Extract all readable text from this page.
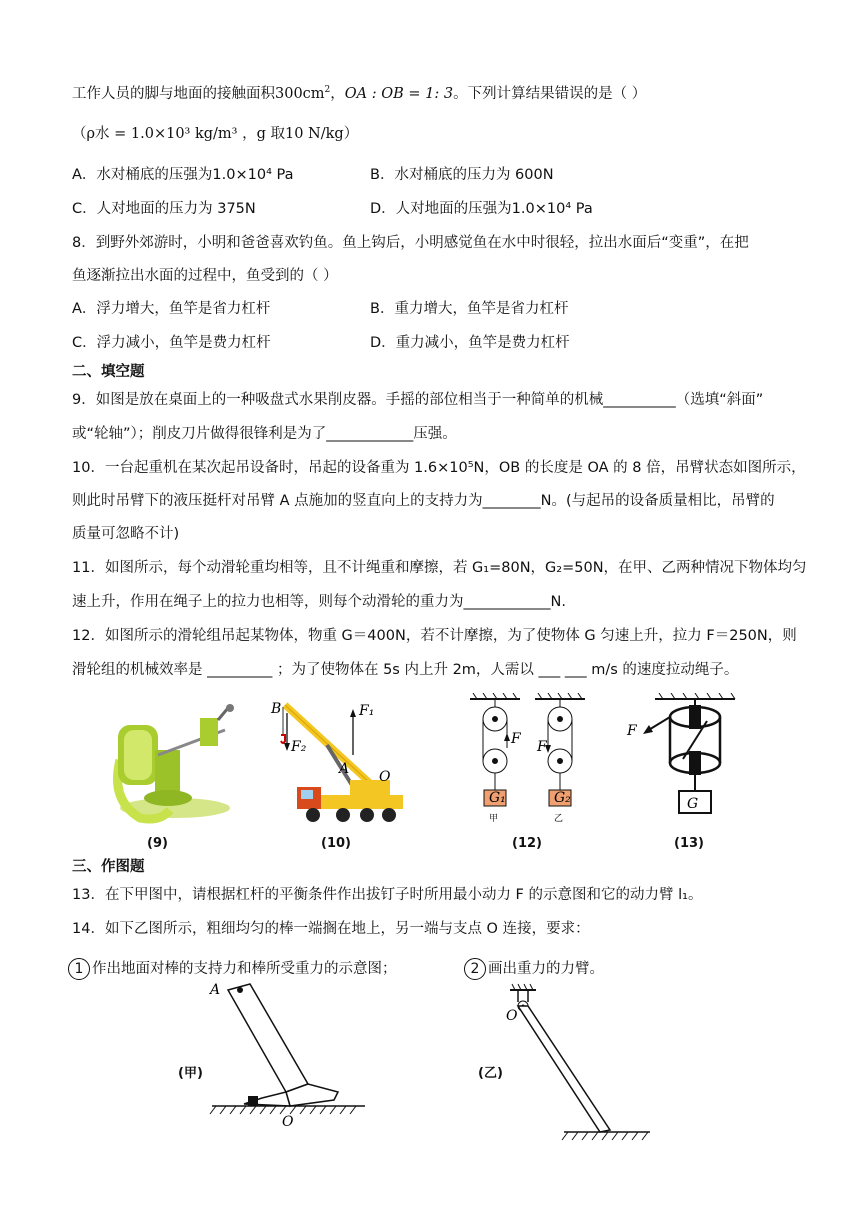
工作人员的脚与地面的接触面积$300cm^2$，OA : OB = 1: 3。下列计算结果错误的是（ ）
（ρ水 = 1.0×10³ kg/m³ ，g 取10 N/kg）
A．水对桶底的压强为1.0×10⁴ Pa	B．水对桶底的压力为 600N
C．人对地面的压力为 375N	D．人对地面的压强为1.0×10⁴ Pa
8．到野外郊游时，小明和爸爸喜欢钓鱼。鱼上钩后，小明感觉鱼在水中时很轻，拉出水面后“变重”，在把
鱼逐渐拉出水面的过程中，鱼受到的（ ）
A．浮力增大，鱼竿是省力杠杆	B．重力增大，鱼竿是省力杠杆
C．浮力减小，鱼竿是费力杠杆	D．重力减小，鱼竿是费力杠杆
二、填空题
9．如图是放在桌面上的一种吸盘式水果削皮器。手摇的部位相当于一种简单的机械__________（选填“斜面”
或“轮轴”）；削皮刀片做得很锋利是为了____________压强。
10．一台起重机在某次起吊设备时，吊起的设备重为 1.6×10⁵N，OB 的长度是 OA 的 8 倍，吊臂状态如图所示，
则此时吊臂下的液压挺杆对吊臂 A 点施加的竖直向上的支持力为________N。(与起吊的设备质量相比，吊臂的
质量可忽略不计)
11．如图所示，每个动滑轮重均相等，且不计绳重和摩擦，若 G₁=80N，G₂=50N，在甲、乙两种情况下物体均匀
速上升，作用在绳子上的拉力也相等，则每个动滑轮的重力为____________N.
12．如图所示的滑轮组吊起某物体，物重 G＝400N，若不计摩擦，为了使物体 G 匀速上升，拉力 F＝250N，则
滑轮组的机械效率是 _________ ；为了使物体在 5s 内上升 2m，人需以 ___ ___ m/s 的速度拉动绳子。
B	F₁
F₂
A O
F
G₁
甲
F
G₂
乙
F
G
(9)	(10)	(12)	(13)
三、作图题
13．在下甲图中，请根据杠杆的平衡条件作出拔钉子时所用最小动力 F 的示意图和它的动力臂 l₁。
14．如下乙图所示，粗细均匀的棒一端搁在地上，另一端与支点 O 连接，要求：
1 作出地面对棒的支持力和棒所受重力的示意图；	2 画出重力的力臂。
A
O
(甲)
O
(乙)
